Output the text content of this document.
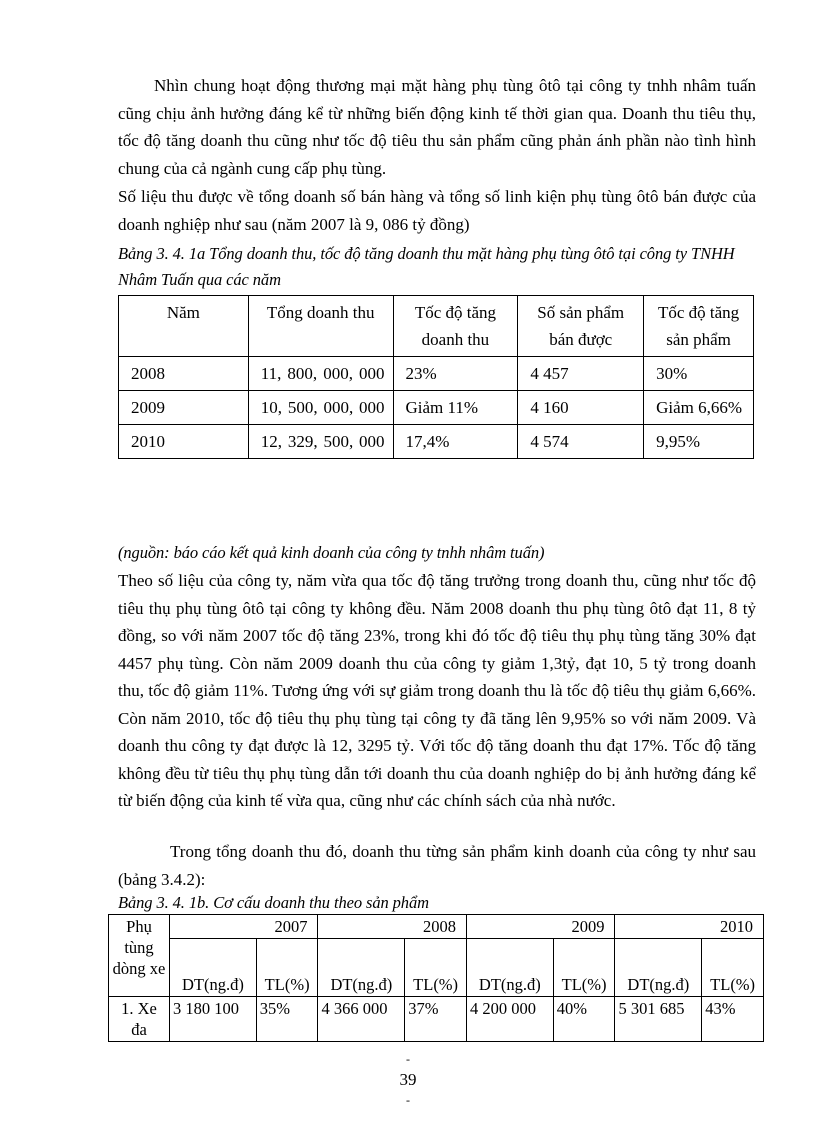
Nhìn chung hoạt động thương mại mặt hàng phụ tùng ôtô tại công ty tnhh nhâm tuấn cũng chịu ảnh hưởng đáng kể từ những biến động kinh tế thời gian qua. Doanh thu tiêu thụ, tốc độ tăng doanh thu cũng như tốc độ tiêu thu sản phẩm cũng phản ánh phần nào tình hình chung của cả ngành cung cấp phụ tùng.

Số liệu thu được về tổng doanh số bán hàng và tổng số linh kiện phụ tùng ôtô bán được của doanh nghiệp như sau (năm 2007 là 9, 086 tỷ đồng)

Bảng 3. 4. 1a Tổng doanh thu, tốc độ tăng doanh thu mặt hàng phụ tùng ôtô tại công ty TNHH Nhâm Tuấn qua các năm

Năm	Tổng doanh thu	Tốc độ tăng doanh thu	Số sản phẩm bán được	Tốc độ tăng sản phẩm
2008	11, 800, 000, 000	23%	4 457	30%
2009	10, 500, 000, 000	Giảm 11%	4 160	Giảm 6,66%
2010	12, 329, 500, 000	17,4%	4 574	9,95%

(nguồn: báo cáo kết quả kinh doanh của công ty tnhh nhâm tuấn)

Theo số liệu của công ty, năm vừa qua tốc độ tăng trưởng trong doanh thu, cũng như tốc độ tiêu thụ phụ tùng ôtô tại công ty không đều. Năm 2008 doanh thu phụ tùng ôtô đạt 11, 8 tỷ đồng, so với năm 2007 tốc độ tăng 23%, trong khi đó tốc độ tiêu thụ phụ tùng tăng 30% đạt 4457 phụ tùng. Còn năm 2009 doanh thu của công ty giảm 1,3tỷ, đạt 10, 5 tỷ trong doanh thu, tốc độ giảm 11%. Tương ứng với sự giảm trong doanh thu là tốc độ tiêu thụ giảm 6,66%. Còn năm 2010, tốc độ tiêu thụ phụ tùng tại công ty đã tăng lên 9,95% so với năm 2009. Và doanh thu công ty đạt được là 12, 3295 tỷ. Với tốc độ tăng doanh thu đạt 17%. Tốc độ tăng không đều từ tiêu thụ phụ tùng dẫn tới doanh thu của doanh nghiệp do bị ảnh hưởng đáng kể từ biến động của kinh tế vừa qua, cũng như các chính sách của nhà nước.

Trong tổng doanh thu đó, doanh thu từng sản phẩm kinh doanh của công ty như sau (bảng 3.4.2):

Bảng 3. 4. 1b. Cơ cấu doanh thu theo sản phẩm

Phụ tùng dòng xe	2007		2008		2009		2010	
	DT(ng.đ)	TL(%)	DT(ng.đ)	TL(%)	DT(ng.đ)	TL(%)	DT(ng.đ)	TL(%)
1. Xe đa	3 180 100	35%	4 366 000	37%	4 200 000	40%	5 301 685	43%

-

39

-
